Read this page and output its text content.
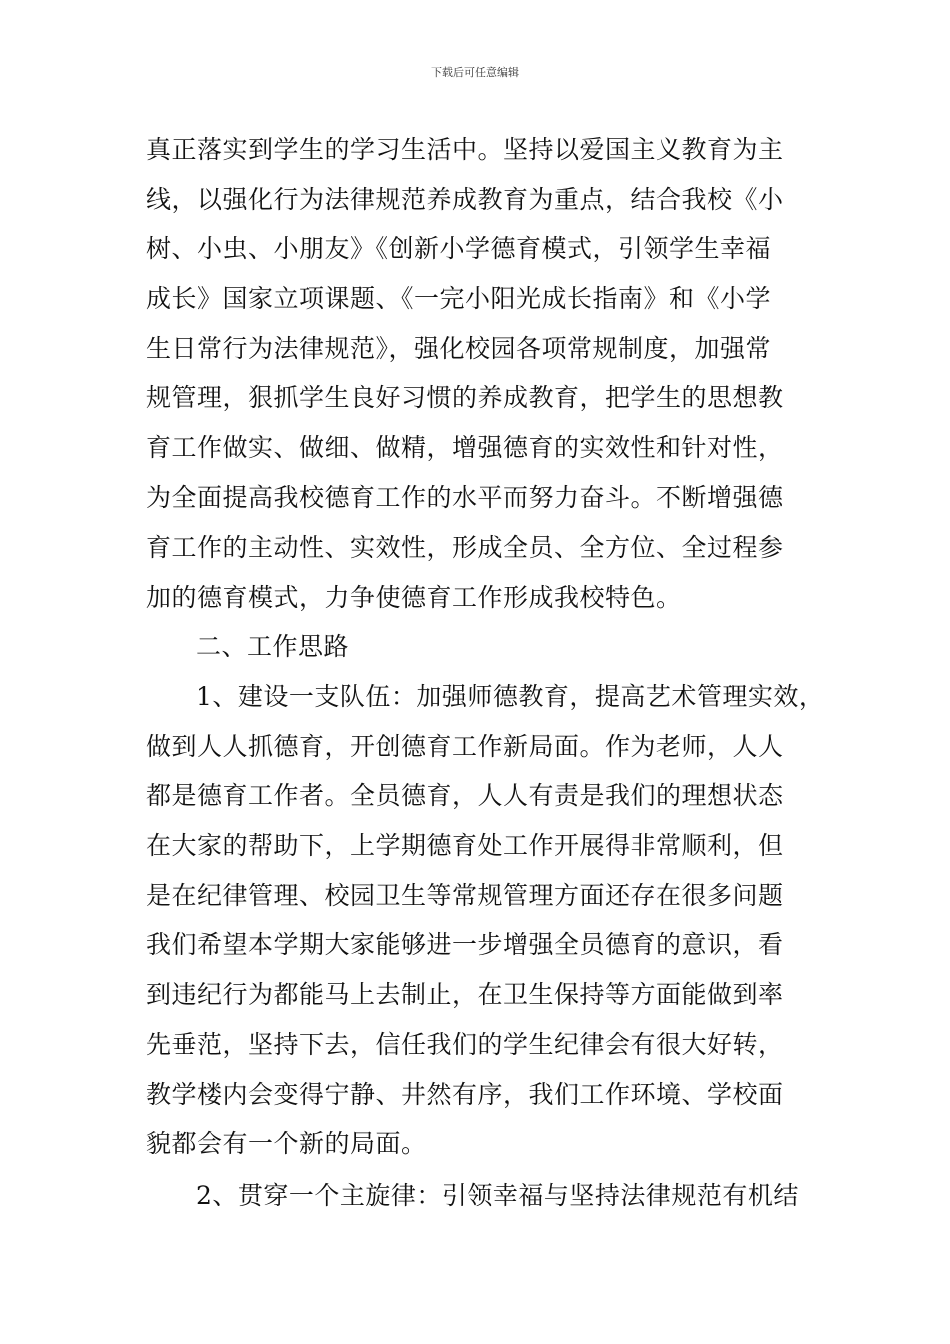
下载后可任意编辑
真正落实到学生的学习生活中。坚持以爱国主义教育为主
线，以强化行为法律规范养成教育为重点，结合我校《小
树、小虫、小朋友》《创新小学德育模式，引领学生幸福
成长》国家立项课题、《一完小阳光成长指南》和《小学
生日常行为法律规范》，强化校园各项常规制度，加强常
规管理，狠抓学生良好习惯的养成教育，把学生的思想教
育工作做实、做细、做精，增强德育的实效性和针对性，
为全面提高我校德育工作的水平而努力奋斗。不断增强德
育工作的主动性、实效性，形成全员、全方位、全过程参
加的德育模式，力争使德育工作形成我校特色。
二、工作思路
1、建设一支队伍：加强师德教育，提高艺术管理实效，
做到人人抓德育，开创德育工作新局面。作为老师，人人
都是德育工作者。全员德育，人人有责是我们的理想状态
在大家的帮助下，上学期德育处工作开展得非常顺利，但
是在纪律管理、校园卫生等常规管理方面还存在很多问题
我们希望本学期大家能够进一步增强全员德育的意识，看
到违纪行为都能马上去制止，在卫生保持等方面能做到率
先垂范，坚持下去，信任我们的学生纪律会有很大好转，
教学楼内会变得宁静、井然有序，我们工作环境、学校面
貌都会有一个新的局面。
2、贯穿一个主旋律：引领幸福与坚持法律规范有机结
